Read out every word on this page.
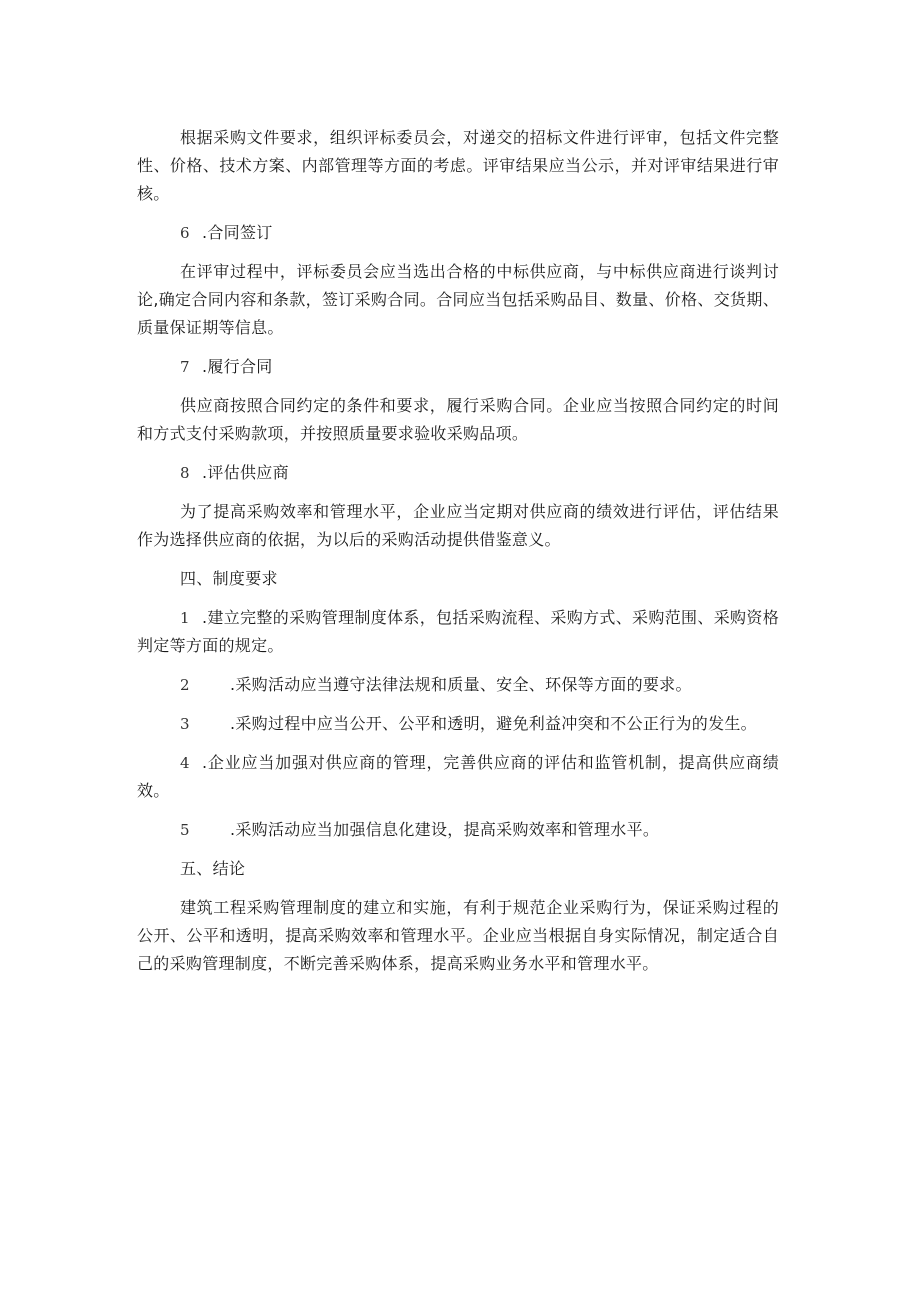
根据采购文件要求，组织评标委员会，对递交的招标文件进行评审，包括文件完整性、价格、技术方案、内部管理等方面的考虑。评审结果应当公示，并对评审结果进行审核。

6 .合同签订

在评审过程中，评标委员会应当选出合格的中标供应商，与中标供应商进行谈判讨论,确定合同内容和条款，签订采购合同。合同应当包括采购品目、数量、价格、交货期、质量保证期等信息。

7 .履行合同

供应商按照合同约定的条件和要求，履行采购合同。企业应当按照合同约定的时间和方式支付采购款项，并按照质量要求验收采购品项。

8 .评估供应商

为了提高采购效率和管理水平，企业应当定期对供应商的绩效进行评估，评估结果作为选择供应商的依据，为以后的采购活动提供借鉴意义。

四、制度要求

1 .建立完整的采购管理制度体系，包括采购流程、采购方式、采购范围、采购资格判定等方面的规定。

2	.采购活动应当遵守法律法规和质量、安全、环保等方面的要求。

3	.采购过程中应当公开、公平和透明，避免利益冲突和不公正行为的发生。

4 .企业应当加强对供应商的管理，完善供应商的评估和监管机制，提高供应商绩效。

5	.采购活动应当加强信息化建设，提高采购效率和管理水平。

五、结论

建筑工程采购管理制度的建立和实施，有利于规范企业采购行为，保证采购过程的公开、公平和透明，提高采购效率和管理水平。企业应当根据自身实际情况，制定适合自己的采购管理制度，不断完善采购体系，提高采购业务水平和管理水平。
